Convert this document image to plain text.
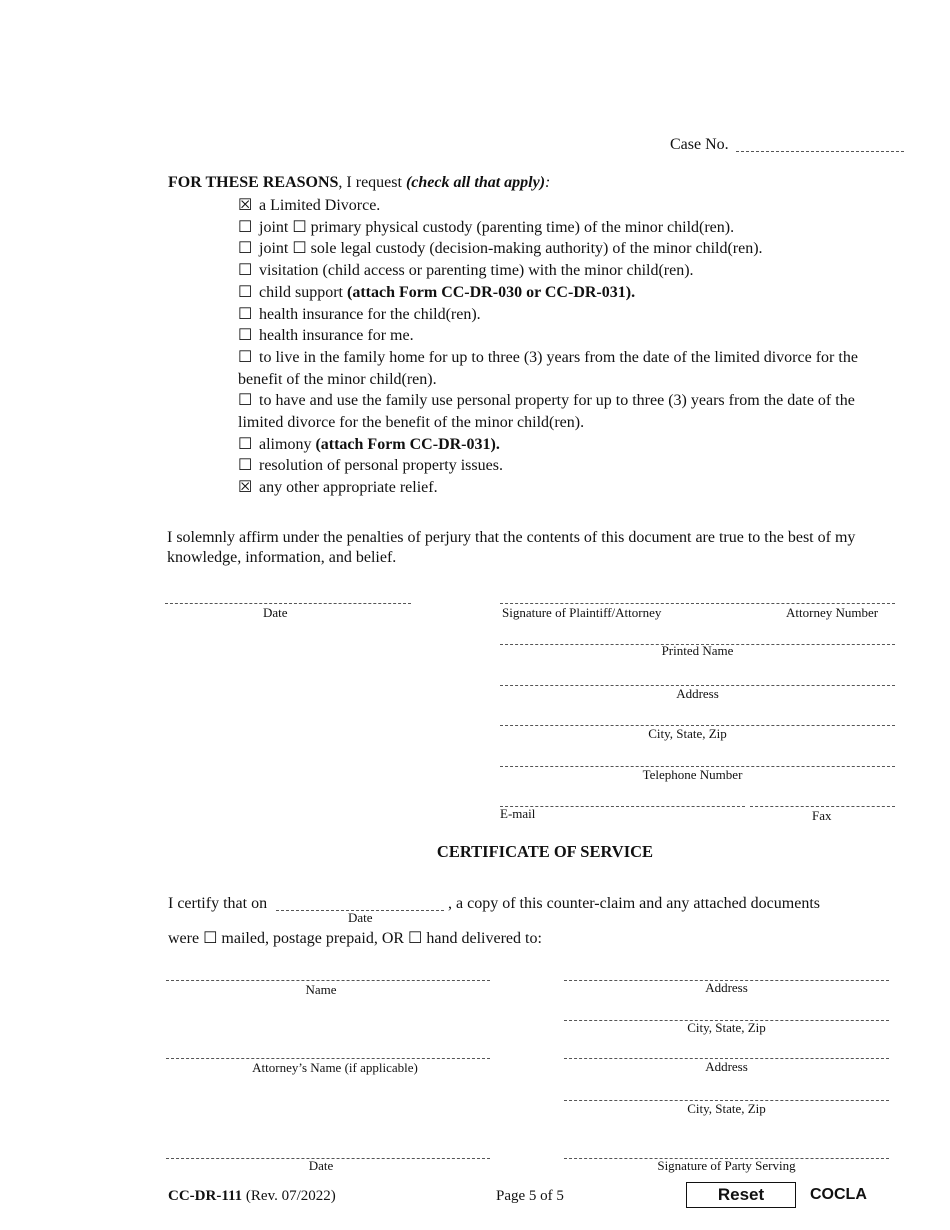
Case No.
FOR THESE REASONS, I request (check all that apply):

☒ a Limited Divorce.

☐ joint ☐ primary physical custody (parenting time) of the minor child(ren).

☐ joint ☐ sole legal custody (decision-making authority) of the minor child(ren).

☐ visitation (child access or parenting time) with the minor child(ren).

☐ child support (attach Form CC-DR-030 or CC-DR-031).

☐ health insurance for the child(ren).

☐ health insurance for me.

☐ to live in the family home for up to three (3) years from the date of the limited divorce for the benefit of the minor child(ren).

☐ to have and use the family use personal property for up to three (3) years from the date of the limited divorce for the benefit of the minor child(ren).

☐ alimony (attach Form CC-DR-031).

☐ resolution of personal property issues.

☒ any other appropriate relief.

I solemnly affirm under the penalties of perjury that the contents of this document are true to the best of my knowledge, information, and belief.
Date	Signature of Plaintiff/Attorney	Attorney Number
Printed Name
Address
City, State, Zip
Telephone Number
E-mail	Fax
CERTIFICATE OF SERVICE
I certify that on
Date
, a copy of this counter-claim and any attached documents
were ☐ mailed, postage prepaid, OR ☐ hand delivered to:
Name	Address
City, State, Zip
Attorney’s Name (if applicable)	Address
City, State, Zip
Date	Signature of Party Serving
CC-DR-111 (Rev. 07/2022)	Page 5 of 5	Reset	COCLA
